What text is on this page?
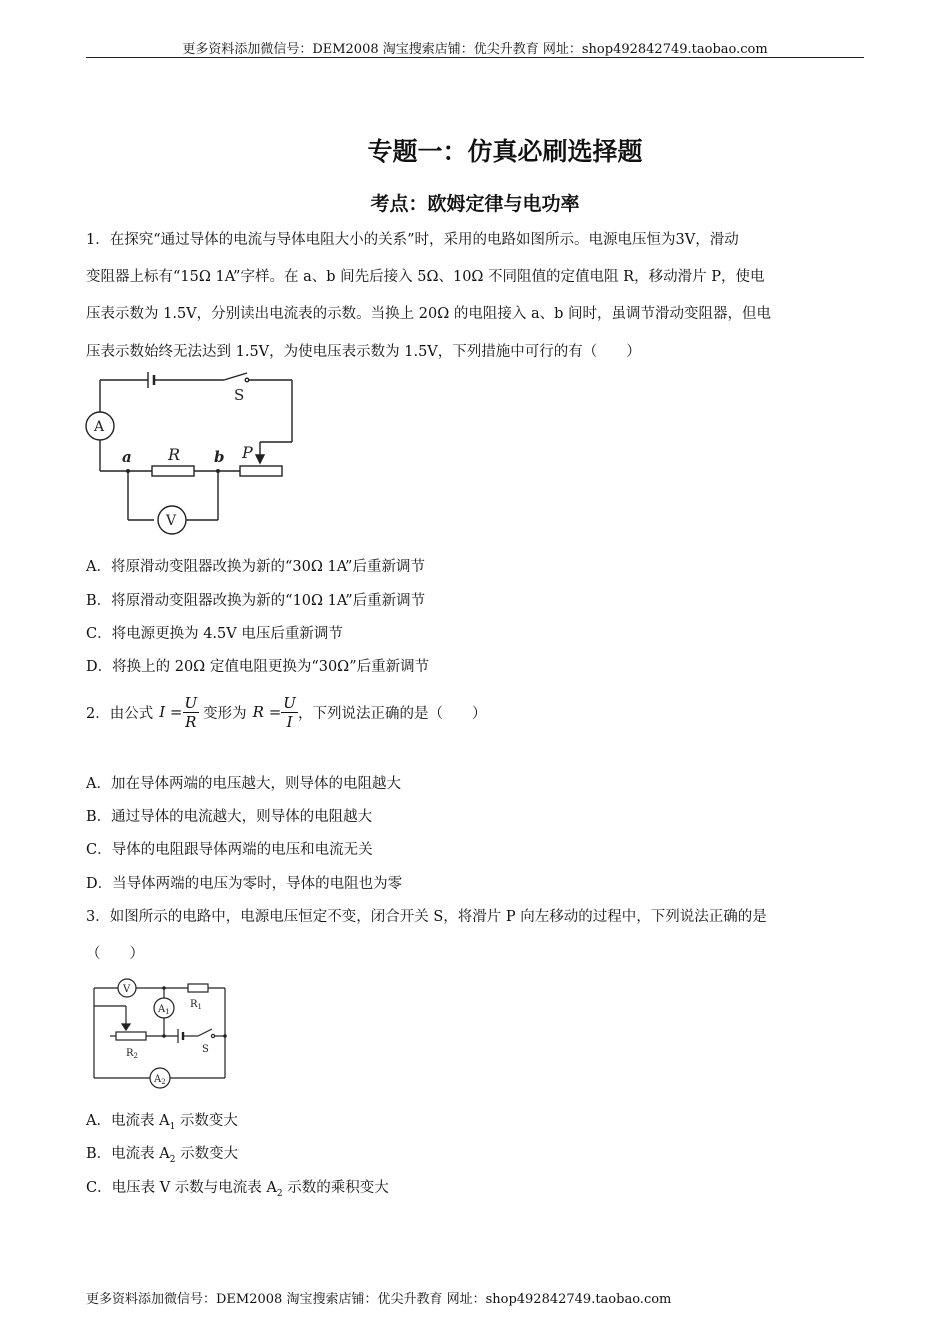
更多资料添加微信号：DEM2008 淘宝搜索店铺：优尖升教育 网址：shop492842749.taobao.com
专题一：仿真必刷选择题
考点：欧姆定律与电功率
1．在探究“通过导体的电流与导体电阻大小的关系”时，采用的电路如图所示。电源电压恒为3V，滑动
变阻器上标有“15Ω 1A”字样。在 a、b 间先后接入 5Ω、10Ω 不同阻值的定值电阻 R，移动滑片 P，使电
压表示数为 1.5V，分别读出电流表的示数。当换上 20Ω 的电阻接入 a、b 间时，虽调节滑动变阻器，但电
压表示数始终无法达到 1.5V，为使电压表示数为 1.5V，下列措施中可行的有（　　）
S
A
V
a	b
R	P
A．将原滑动变阻器改换为新的“30Ω 1A”后重新调节
B．将原滑动变阻器改换为新的“10Ω 1A”后重新调节
C．将电源更换为 4.5V 电压后重新调节
D．将换上的 20Ω 定值电阻更换为“30Ω”后重新调节
2．由公式 $I = \frac{U}{R}$ 变形为 $R = \frac{U}{I}$ ，下列说法正确的是（　　）
A．加在导体两端的电压越大，则导体的电阻越大
B．通过导体的电流越大，则导体的电阻越大
C．导体的电阻跟导体两端的电压和电流无关
D．当导体两端的电压为零时，导体的电阻也为零
3．如图所示的电路中，电源电压恒定不变，闭合开关 S，将滑片 P 向左移动的过程中，下列说法正确的是
（　　）
V
$A_1$
$R_1$
$R_2$
S
$A_2$
A．电流表 $A_1$ 示数变大
B．电流表 $A_2$ 示数变大
C．电压表 V 示数与电流表 $A_2$ 示数的乘积变大
更多资料添加微信号：DEM2008 淘宝搜索店铺：优尖升教育 网址：shop492842749.taobao.com
